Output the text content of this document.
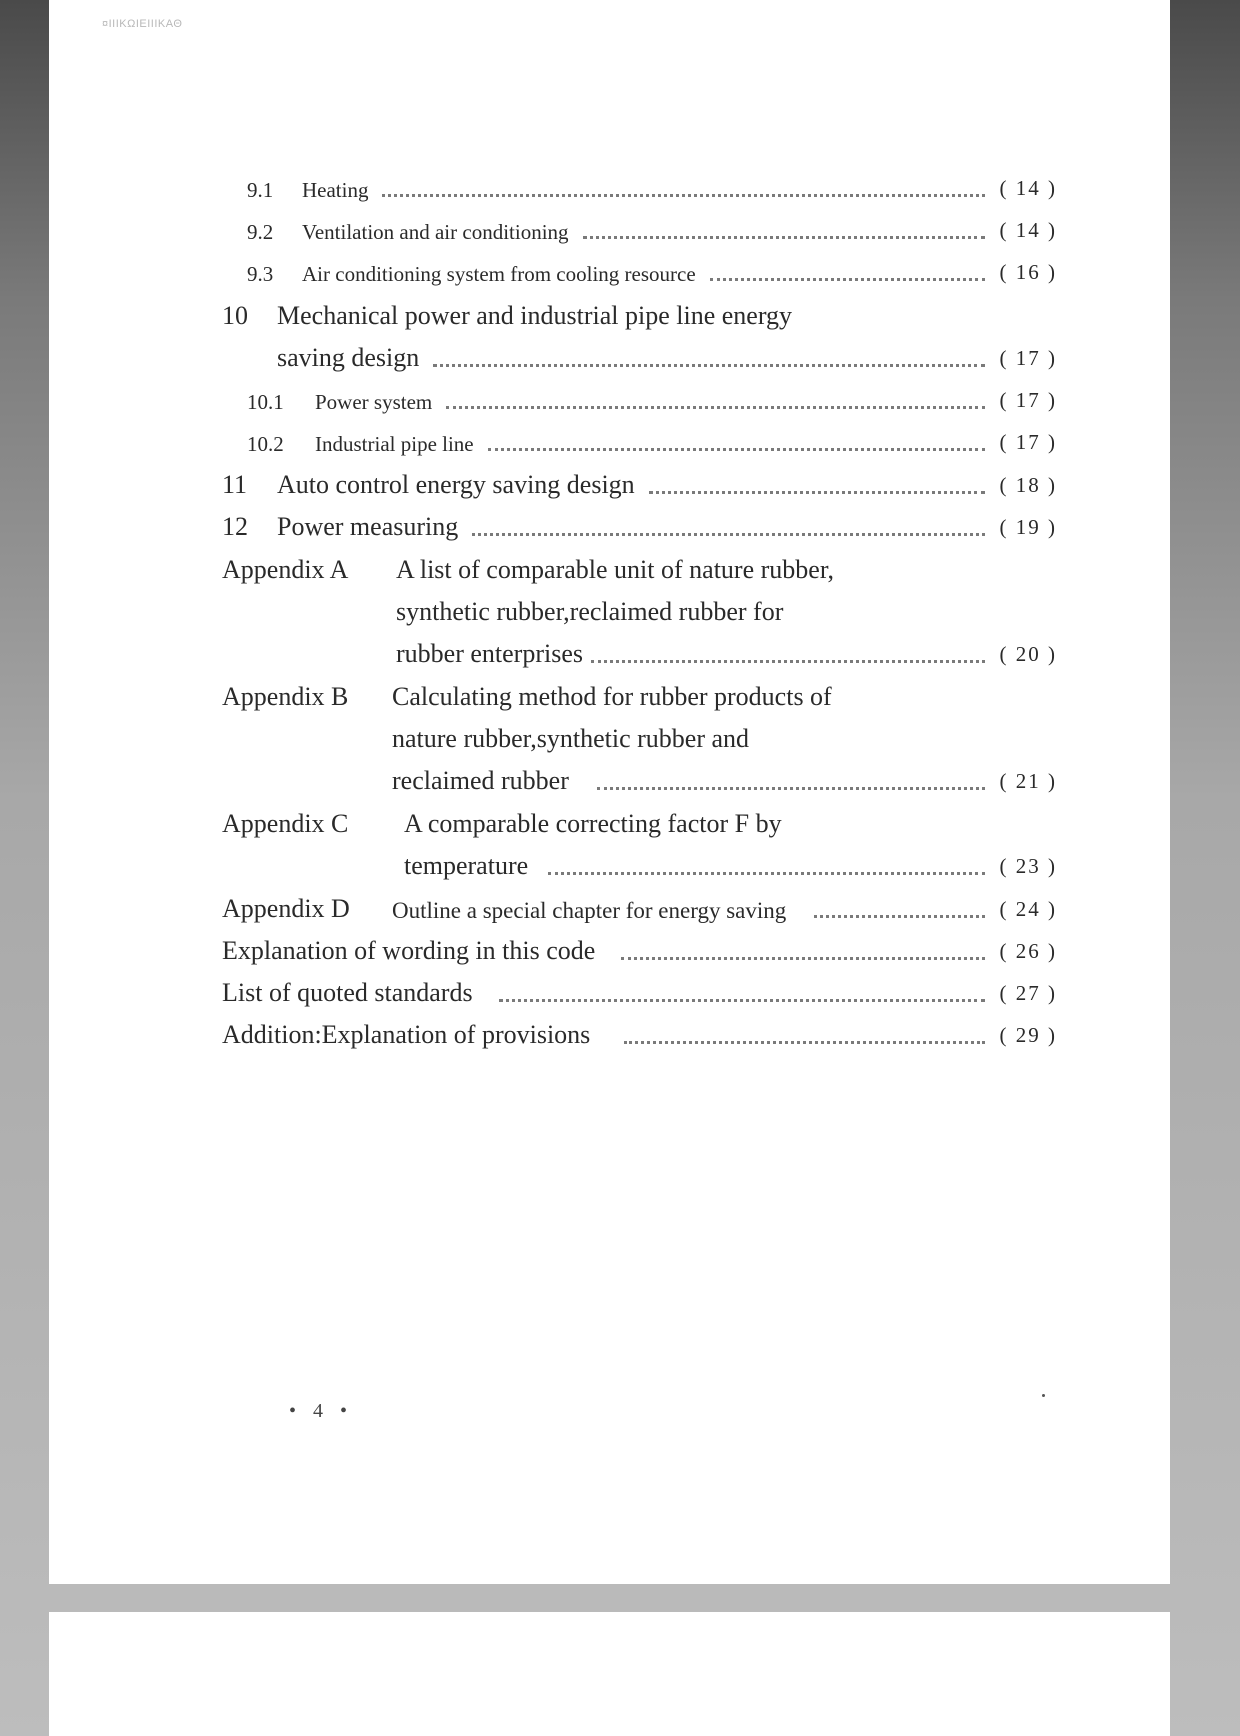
¤ΙΙΙΚΩΙΕΙΙΙΚΑΘ
9.1	Heating	( 14 )
9.2	Ventilation and air conditioning	( 14 )
9.3	Air conditioning system from cooling resource	( 16 )
10	Mechanical power and industrial pipe line energy
saving design	( 17 )
10.1	Power system	( 17 )
10.2	Industrial pipe line	( 17 )
11	Auto control energy saving design	( 18 )
12	Power measuring	( 19 )
Appendix A	A list of comparable unit of nature rubber,
synthetic rubber,reclaimed rubber for
rubber enterprises	( 20 )
Appendix B	Calculating method for rubber products of
nature rubber,synthetic rubber and
reclaimed rubber	( 21 )
Appendix C	A comparable correcting factor F by
temperature	( 23 )
Appendix D	Outline a special chapter for energy saving	( 24 )
Explanation of wording in this code	( 26 )
List of quoted standards	( 27 )
Addition:Explanation of provisions	( 29 )
• 4 •
